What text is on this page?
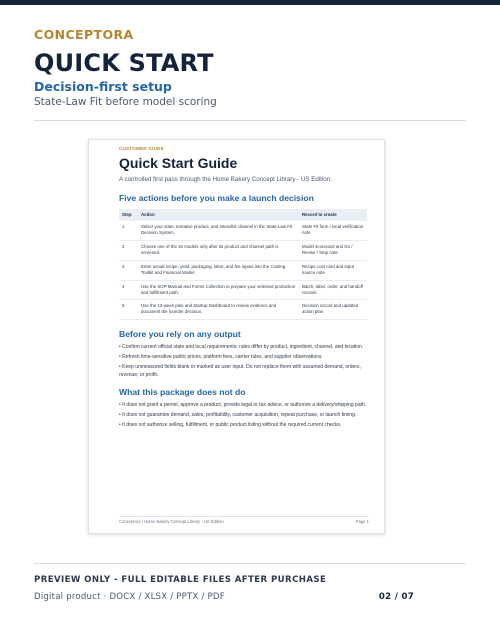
CONCEPTORA
QUICK START
Decision-first setup
State-Law Fit before model scoring
CUSTOMER GUIDE
Quick Start Guide
A controlled first pass through the Home Bakery Concept Library - US Edition.
Five actions before you make a launch decision
Step	Action	Record to create
1	Select your state, tentative product, and intended channel in the State-Law Fit Decision System.	State Fit form / local verification note
2	Choose one of the 10 models only after its product and channel path is screened.	Model scorecard and Go / Revise / Stop note
3	Enter actual recipe, yield, packaging, labor, and fee inputs into the Costing Toolkit and Financial Model.	Recipe cost card and input source note
4	Use the SOP Manual and Forms Collection to prepare your selected production and fulfillment path.	Batch, label, order, and handoff records
5	Use the 13-week plan and Startup Dashboard to review evidence and document the founder decision.	Decision record and updated action plan
Before you rely on any output
• Confirm current official state and local requirements; rules differ by product, ingredient, channel, and location.
• Refresh time-sensitive public prices, platform fees, carrier rules, and supplier observations.
• Keep unmeasured fields blank or marked as user input. Do not replace them with assumed demand, orders, revenue, or profit.
What this package does not do
• It does not grant a permit, approve a product, provide legal or tax advice, or authorize a delivery/shipping path.
• It does not guarantee demand, sales, profitability, customer acquisition, repeat purchase, or launch timing.
• It does not authorize selling, fulfillment, or public product listing without the required current checks.
Conceptora | Home Bakery Concept Library - US Edition	Page 1
PREVIEW ONLY - FULL EDITABLE FILES AFTER PURCHASE
Digital product · DOCX / XLSX / PPTX / PDF	02 / 07
